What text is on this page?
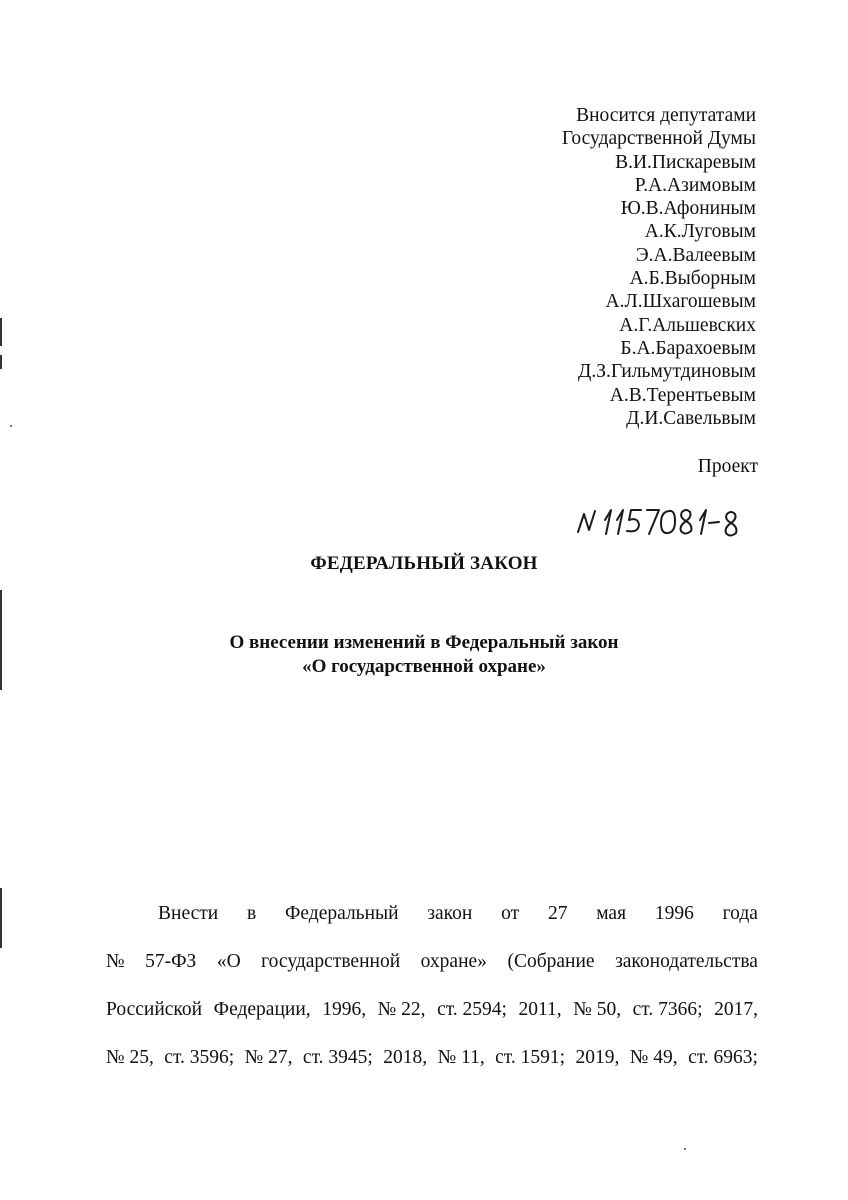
Вносится депутатами
Государственной Думы
В.И.Пискаревым
Р.А.Азимовым
Ю.В.Афониным
А.К.Луговым
Э.А.Валеевым
А.Б.Выборным
А.Л.Шхагошевым
А.Г.Альшевских
Б.А.Барахоевым
Д.З.Гильмутдиновым
А.В.Терентьевым
Д.И.Савельвым
Проект
ФЕДЕРАЛЬНЫЙ ЗАКОН
О внесении изменений в Федеральный закон
«О государственной охране»
Внести в Федеральный закон от 27 мая 1996 года
№ 57-ФЗ «О государственной охране» (Собрание законодательства
Российской Федерации, 1996, № 22, ст. 2594; 2011, № 50, ст. 7366; 2017,
№ 25, ст. 3596; № 27, ст. 3945; 2018, № 11, ст. 1591; 2019, № 49, ст. 6963;
